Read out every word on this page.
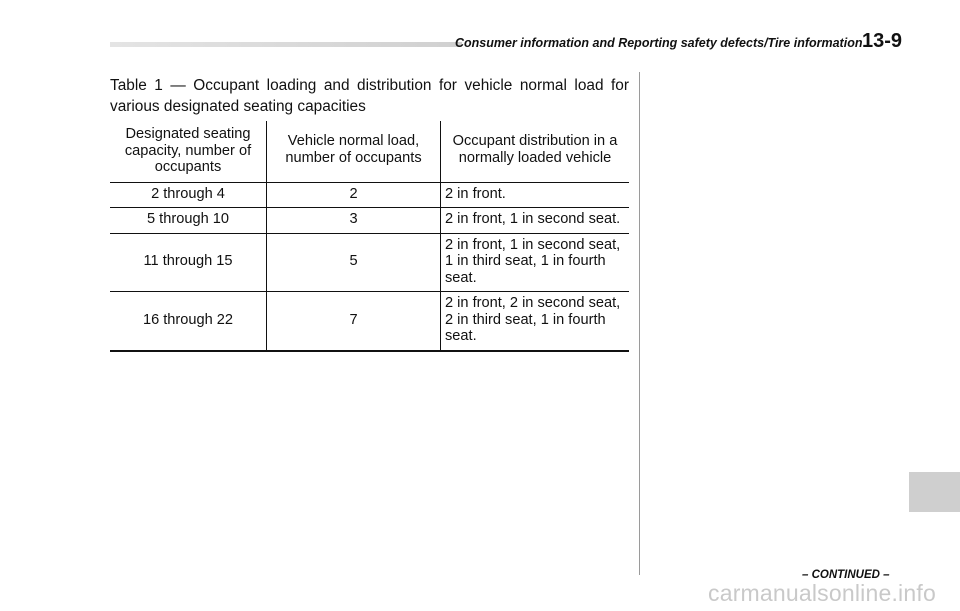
Consumer information and Reporting safety defects/Tire information 13-9
Table 1 — Occupant loading and distribution for vehicle normal load for various designated seating capacities
Designated seating capacity, number of occupants	Vehicle normal load, number of occupants	Occupant distribution in a normally loaded vehicle
2 through 4	2	2 in front.
5 through 10	3	2 in front, 1 in second seat.
11 through 15	5	2 in front, 1 in second seat, 1 in third seat, 1 in fourth seat.
16 through 22	7	2 in front, 2 in second seat, 2 in third seat, 1 in fourth seat.
– CONTINUED –
carmanualsonline.info
